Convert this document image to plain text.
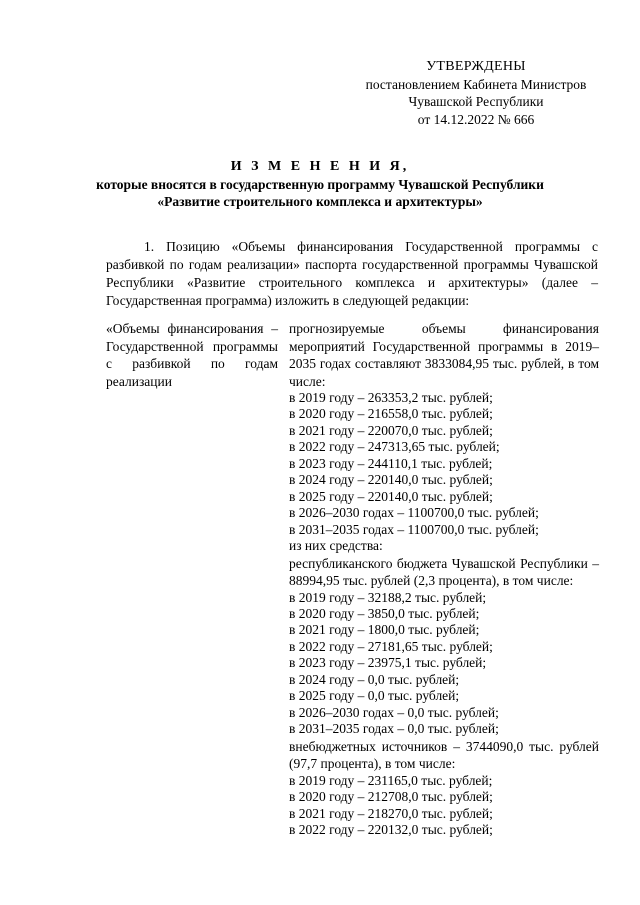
УТВЕРЖДЕНЫ
постановлением Кабинета Министров
Чувашской Республики
от 14.12.2022 № 666
И З М Е Н Е Н И Я,
которые вносятся в государственную программу Чувашской Республики
«Развитие строительного комплекса и архитектуры»
1. Позицию «Объемы финансирования Государственной программы с разбивкой по годам реализации» паспорта государственной программы Чувашской Республики «Развитие строительного комплекса и архитектуры» (далее – Государственная программа) изложить в следующей редакции:
«Объемы финансирования – Государственной программы с разбивкой по годам реализации
прогнозируемые объемы финансирования мероприятий Государственной программы в 2019–2035 годах составляют 3833084,95 тыс. рублей, в том числе:
в 2019 году – 263353,2 тыс. рублей;
в 2020 году – 216558,0 тыс. рублей;
в 2021 году – 220070,0 тыс. рублей;
в 2022 году – 247313,65 тыс. рублей;
в 2023 году – 244110,1 тыс. рублей;
в 2024 году – 220140,0 тыс. рублей;
в 2025 году – 220140,0 тыс. рублей;
в 2026–2030 годах – 1100700,0 тыс. рублей;
в 2031–2035 годах – 1100700,0 тыс. рублей;
из них средства:
республиканского бюджета Чувашской Республики – 88994,95 тыс. рублей (2,3 процента), в том числе:
в 2019 году – 32188,2 тыс. рублей;
в 2020 году – 3850,0 тыс. рублей;
в 2021 году – 1800,0 тыс. рублей;
в 2022 году – 27181,65 тыс. рублей;
в 2023 году – 23975,1 тыс. рублей;
в 2024 году – 0,0 тыс. рублей;
в 2025 году – 0,0 тыс. рублей;
в 2026–2030 годах – 0,0 тыс. рублей;
в 2031–2035 годах – 0,0 тыс. рублей;
внебюджетных источников – 3744090,0 тыс. рублей (97,7 процента), в том числе:
в 2019 году – 231165,0 тыс. рублей;
в 2020 году – 212708,0 тыс. рублей;
в 2021 году – 218270,0 тыс. рублей;
в 2022 году – 220132,0 тыс. рублей;
